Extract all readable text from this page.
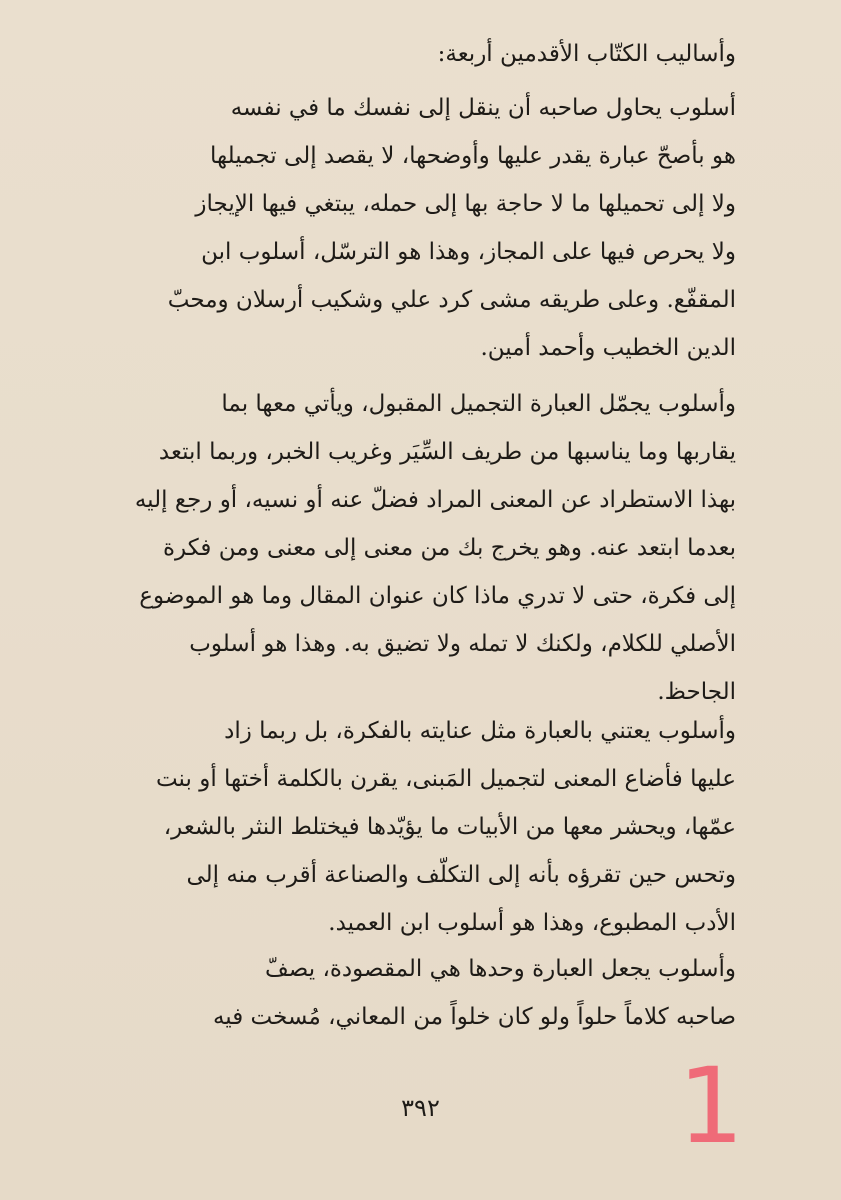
وأساليب الكتّاب الأقدمين أربعة:
أسلوب يحاول صاحبه أن ينقل إلى نفسك ما في نفسه
هو بأصحّ عبارة يقدر عليها وأوضحها، لا يقصد إلى تجميلها
ولا إلى تحميلها ما لا حاجة بها إلى حمله، يبتغي فيها الإيجاز
ولا يحرص فيها على المجاز، وهذا هو الترسّل، أسلوب ابن
المقفّع. وعلى طريقه مشى كرد علي وشكيب أرسلان ومحبّ
الدين الخطيب وأحمد أمين.
وأسلوب يجمّل العبارة التجميل المقبول، ويأتي معها بما
يقاربها وما يناسبها من طريف السِّيَر وغريب الخبر، وربما ابتعد
بهذا الاستطراد عن المعنى المراد فضلّ عنه أو نسيه، أو رجع إليه
بعدما ابتعد عنه. وهو يخرج بك من معنى إلى معنى ومن فكرة
إلى فكرة، حتى لا تدري ماذا كان عنوان المقال وما هو الموضوع
الأصلي للكلام، ولكنك لا تمله ولا تضيق به. وهذا هو أسلوب
الجاحظ.
وأسلوب يعتني بالعبارة مثل عنايته بالفكرة، بل ربما زاد
عليها فأضاع المعنى لتجميل المَبنى، يقرن بالكلمة أختها أو بنت
عمّها، ويحشر معها من الأبيات ما يؤيّدها فيختلط النثر بالشعر،
وتحس حين تقرؤه بأنه إلى التكلّف والصناعة أقرب منه إلى
الأدب المطبوع، وهذا هو أسلوب ابن العميد.
وأسلوب يجعل العبارة وحدها هي المقصودة، يصفّ
صاحبه كلاماً حلواً ولو كان خلواً من المعاني، مُسخت فيه
٣٩٢	1
